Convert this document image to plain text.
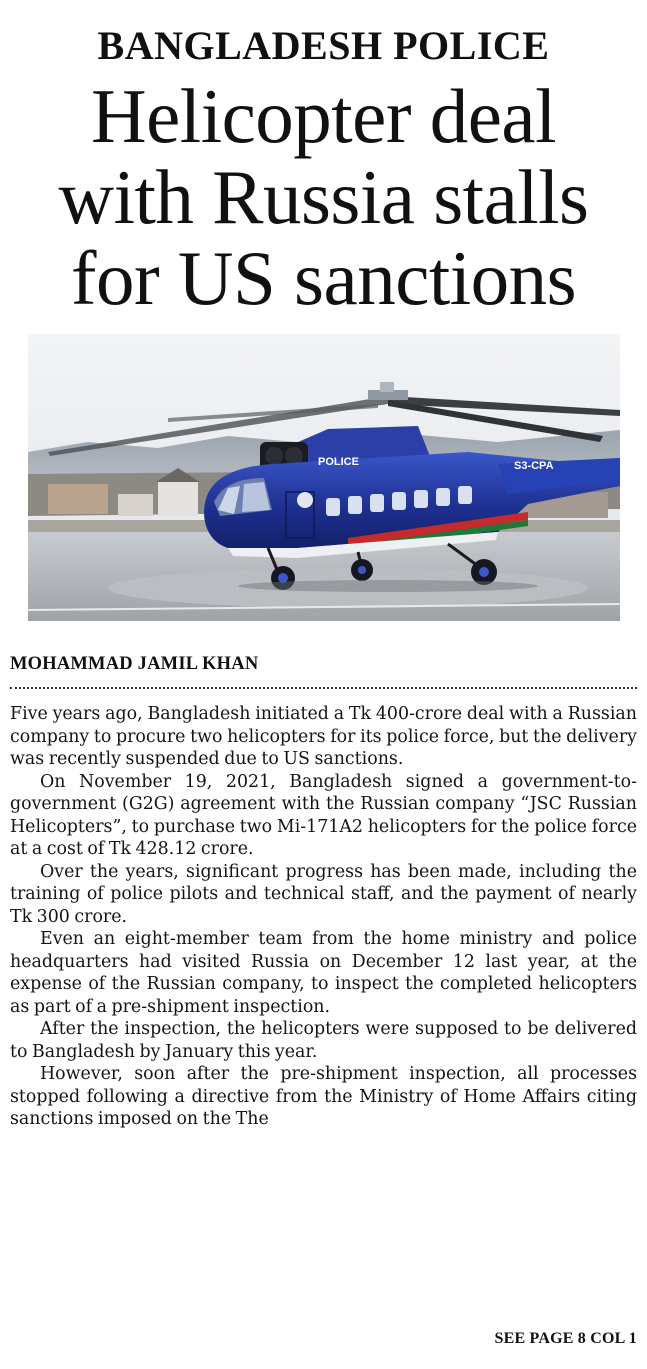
BANGLADESH POLICE
Helicopter deal
with Russia stalls
for US sanctions
POLICE	S3-CPA
MOHAMMAD JAMIL KHAN

Five years ago, Bangladesh initiated a Tk 400-crore deal with a Russian company to procure two helicopters for its police force, but the delivery was recently suspended due to US sanctions.

On November 19, 2021, Bangladesh signed a government-to-government (G2G) agreement with the Russian company “JSC Russian Helicopters”, to purchase two Mi-171A2 helicopters for the police force at a cost of Tk 428.12 crore.

Over the years, significant progress has been made, including the training of police pilots and technical staff, and the payment of nearly Tk 300 crore.

Even an eight-member team from the home ministry and police headquarters had visited Russia on December 12 last year, at the expense of the Russian company, to inspect the completed helicopters as part of a pre-shipment inspection.

After the inspection, the helicopters were supposed to be delivered to Bangladesh by January this year.

However, soon after the pre-shipment inspection, all processes stopped following a directive from the Ministry of Home Affairs citing sanctions imposed on the The

SEE PAGE 8 COL 1
